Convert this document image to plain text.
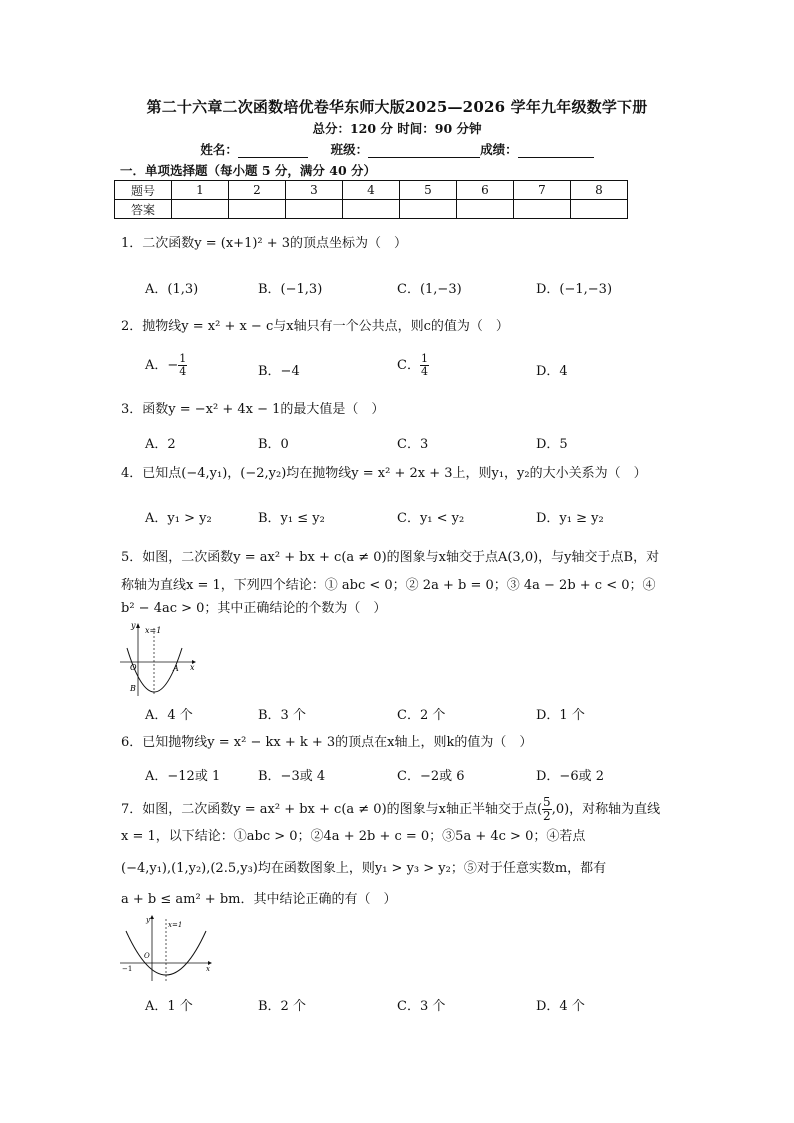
第二十六章二次函数培优卷华东师大版2025—2026 学年九年级数学下册
总分：120 分 时间：90 分钟
姓名：	班级：	成绩：
一．单项选择题（每小题 5 分，满分 40 分）
题号	1	2	3	4	5	6	7	8
答案								
1．二次函数y = (x+1)² + 3的顶点坐标为（　）
A．(1,3)	B．(−1,3)	C．(1,−3)	D．(−1,−3)
2．抛物线y = x² + x − c与x轴只有一个公共点，则c的值为（　）
A．− $\frac{1}{4}$	B．−4	C． $\frac{1}{4}$	D．4
3．函数y = −x² + 4x − 1的最大值是（　）
A．2	B．0	C．3	D．5
4．已知点(−4,y₁)，(−2,y₂)均在抛物线y = x² + 2x + 3上，则y₁，y₂的大小关系为（　）
A．y₁ > y₂	B．y₁ ≤ y₂	C．y₁ < y₂	D．y₁ ≥ y₂
5．如图，二次函数y = ax² + bx + c(a ≠ 0)的图象与x轴交于点A(3,0)，与y轴交于点B，对
称轴为直线x = 1，下列四个结论：① abc < 0；② 2a + b = 0；③ 4a − 2b + c < 0；④
b² − 4ac > 0；其中正确结论的个数为（　）
y
x=1
O	A x
B
A．4 个	B．3 个	C．2 个	D．1 个
6．已知抛物线y = x² − kx + k + 3的顶点在x轴上，则k的值为（　）
A．−12或 1	B．−3或 4	C．−2或 6	D．−6或 2
7．如图，二次函数y = ax² + bx + c(a ≠ 0)的图象与x轴正半轴交于点( $\frac{5}{2} ,0$)，对称轴为直线
x = 1，以下结论：①abc > 0；②4a + 2b + c = 0；③5a + 4c > 0；④若点
(−4,y₁),(1,y₂),(2.5,y₃)均在函数图象上，则y₁ > y₃ > y₂；⑤对于任意实数m，都有
a + b ≤ am² + bm．其中结论正确的有（　）
y
x=1
O
−1	x
A．1 个	B．2 个	C．3 个	D．4 个
